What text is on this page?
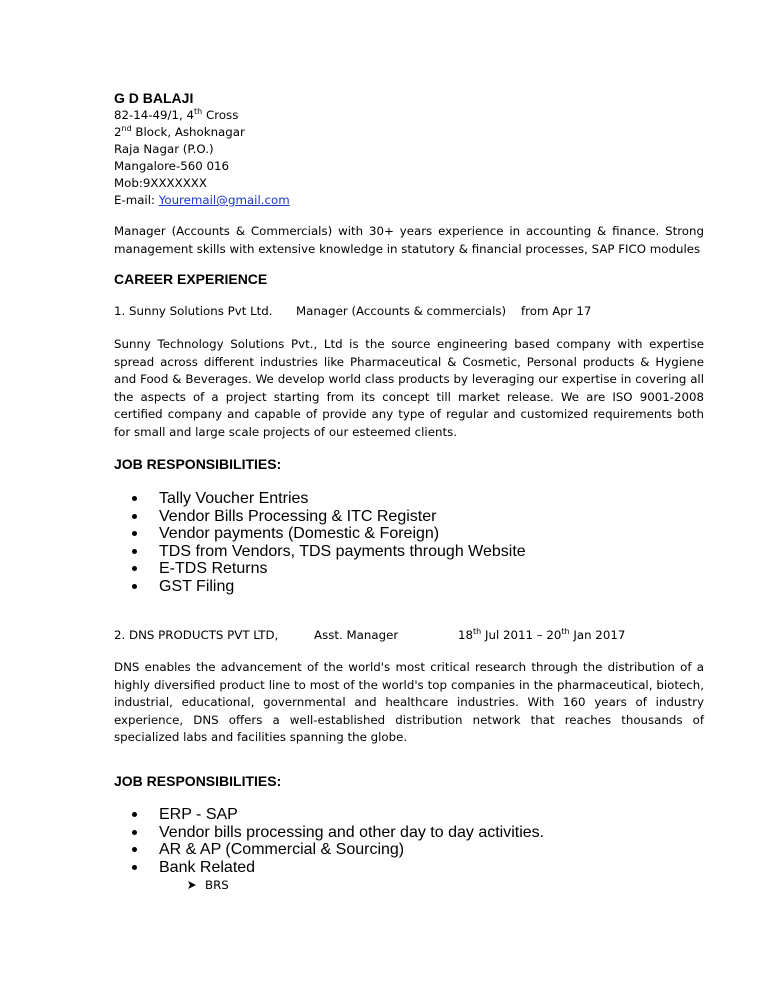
G D BALAJI
82-14-49/1, 4th Cross
2nd Block, Ashoknagar
Raja Nagar (P.O.)
Mangalore-560 016
Mob:9XXXXXXX
E-mail: Youremail@gmail.com
Manager (Accounts & Commercials) with 30+ years experience in accounting & finance. Strong management skills with extensive knowledge in statutory & financial processes, SAP FICO modules
CAREER EXPERIENCE
1. Sunny Solutions Pvt Ltd. Manager (Accounts & commercials) from Apr 17
Sunny Technology Solutions Pvt., Ltd is the source engineering based company with expertise spread across different industries like Pharmaceutical & Cosmetic, Personal products & Hygiene and Food & Beverages. We develop world class products by leveraging our expertise in covering all the aspects of a project starting from its concept till market release. We are ISO 9001-2008 certified company and capable of provide any type of regular and customized requirements both for small and large scale projects of our esteemed clients.
JOB RESPONSIBILITIES:
Tally Voucher Entries
Vendor Bills Processing & ITC Register
Vendor payments (Domestic & Foreign)
TDS from Vendors, TDS payments through Website
E-TDS Returns
GST Filing
2. DNS PRODUCTS PVT LTD,	Asst. Manager	18th Jul 2011 – 20th Jan 2017
DNS enables the advancement of the world's most critical research through the distribution of a highly diversified product line to most of the world's top companies in the pharmaceutical, biotech, industrial, educational, governmental and healthcare industries. With 160 years of industry experience, DNS offers a well-established distribution network that reaches thousands of specialized labs and facilities spanning the globe.
JOB RESPONSIBILITIES:
ERP - SAP
Vendor bills processing and other day to day activities.
AR & AP (Commercial & Sourcing)
Bank Related
BRS
